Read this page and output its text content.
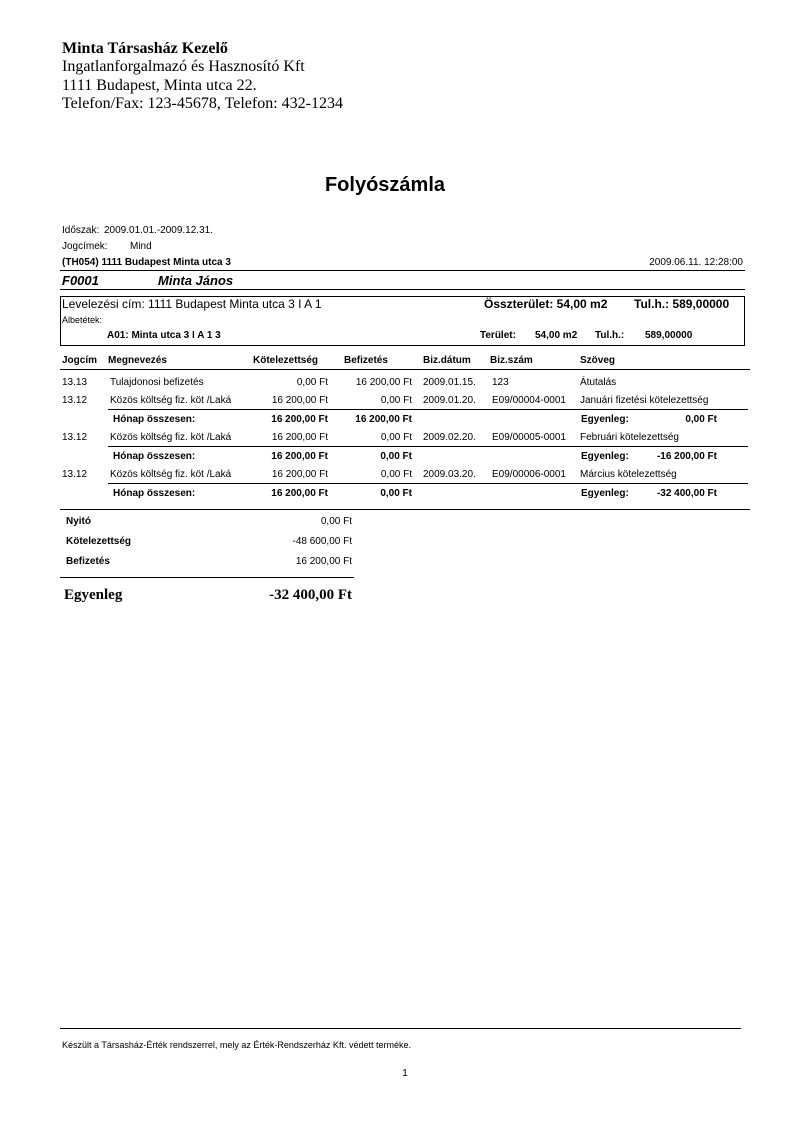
Minta Társasház Kezelő
Ingatlanforgalmazó és Hasznosító Kft
1111 Budapest, Minta utca 22.
Telefon/Fax: 123-45678, Telefon: 432-1234
Folyószámla
Időszak: 2009.01.01.-2009.12.31.
Jogcímek: Mind
(TH054) 1111 Budapest Minta utca 3	2009.06.11. 12:28:00
F0001	Minta János
Levelezési cím: 1111 Budapest Minta utca 3 I A 1	Összterület: 54,00 m2 Tul.h.: 589,00000
Albetétek:
A01: Minta utca 3 I A 1 3	Terület: 54,00 m2 Tul.h.: 589,00000
Jogcím Megnevezés	Kötelezettség	Befizetés	Biz.dátum Biz.szám	Szöveg
13.13 Tulajdonosi befizetés	0,00 Ft	16 200,00 Ft 2009.01.15. 123	Átutalás
13.12 Közös költség fiz. köt /Laká	16 200,00 Ft	0,00 Ft 2009.01.20. E09/00004-0001 Januári fizetési kötelezettség
Hónap összesen:	16 200,00 Ft	16 200,00 Ft	Egyenleg:	0,00 Ft
13.12 Közös költség fiz. köt /Laká	16 200,00 Ft	0,00 Ft 2009.02.20. E09/00005-0001 Februári kötelezettség
Hónap összesen:	16 200,00 Ft	0,00 Ft	Egyenleg:	-16 200,00 Ft
13.12 Közös költség fiz. köt /Laká	16 200,00 Ft	0,00 Ft 2009.03.20. E09/00006-0001 Március kötelezettség
Hónap összesen:	16 200,00 Ft	0,00 Ft	Egyenleg:	-32 400,00 Ft
Nyitó	0,00 Ft
Kötelezettség	-48 600,00 Ft
Befizetés	16 200,00 Ft
Egyenleg	-32 400,00 Ft
Készült a Társasház-Érték rendszerrel, mely az Érték-Rendszerház Kft. védett terméke.
1
